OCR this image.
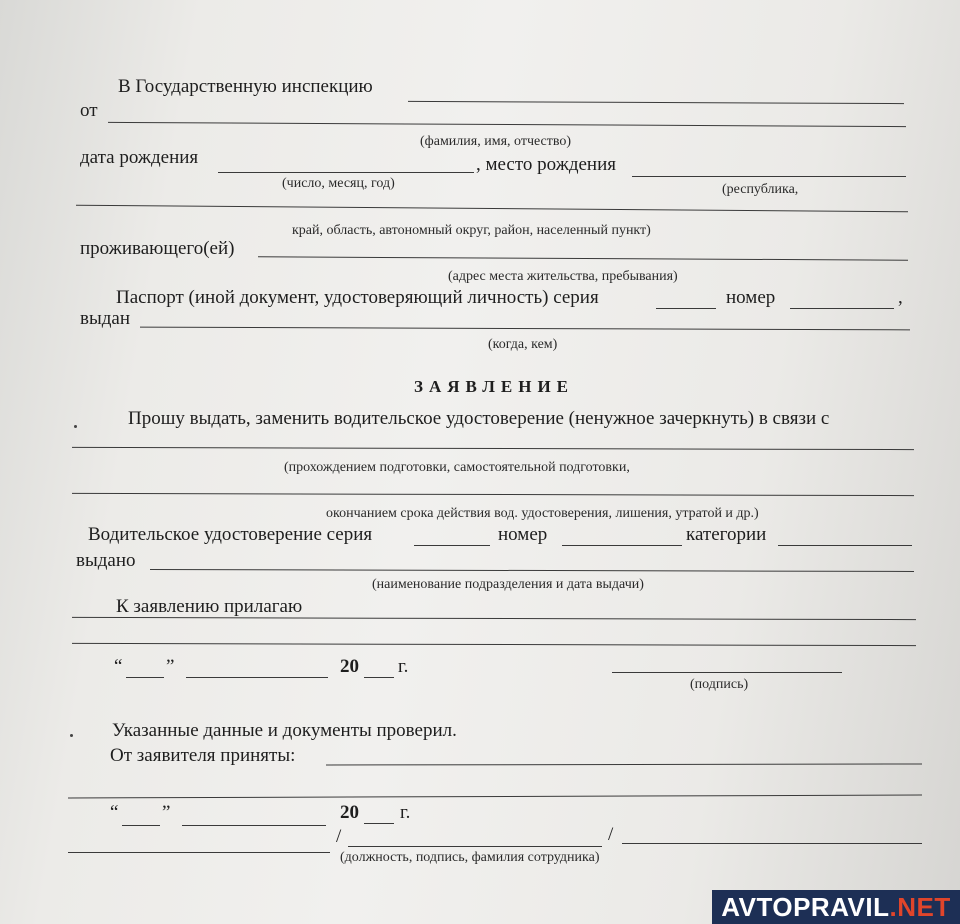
В Государственную инспекцию
от
(фамилия, имя, отчество)
дата рождения	, место рождения
(число, месяц, год)	(республика,
край, область, автономный округ, район, населенный пункт)
проживающего(ей)
(адрес места жительства, пребывания)
Паспорт (иной документ, удостоверяющий личность) серия	номер	,
выдан
(когда, кем)
ЗАЯВЛЕНИЕ
Прошу выдать, заменить водительское удостоверение (ненужное зачеркнуть) в связи с
(прохождением подготовки, самостоятельной подготовки,
окончанием срока действия вод. удостоверения, лишения, утратой и др.)
Водительское удостоверение серия	номер	категории
выдано
(наименование подразделения и дата выдачи)
К заявлению прилагаю
“ ”	20 г.
(подпись)
Указанные данные и документы проверил.
От заявителя приняты:
“ ”	20 г.
/	/
(должность, подпись, фамилия сотрудника)
AVTOPRAVIL.NET
